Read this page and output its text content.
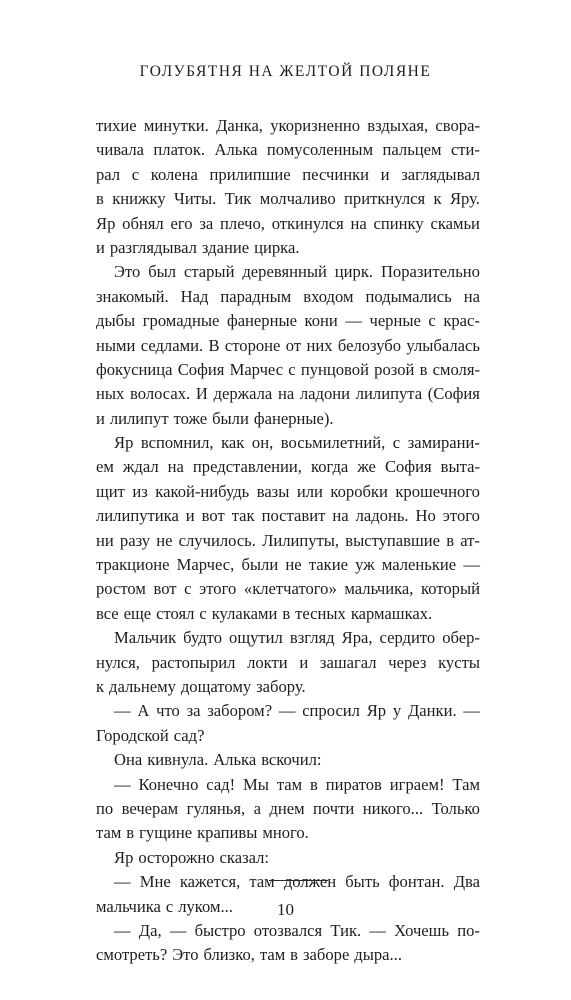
ГОЛУБЯТНЯ НА ЖЕЛТОЙ ПОЛЯНЕ
тихие минутки. Данка, укоризненно вздыхая, свора-
чивала платок. Алька помусоленным пальцем сти-
рал с колена прилипшие песчинки и заглядывал
в книжку Читы. Тик молчаливо приткнулся к Яру.
Яр обнял его за плечо, откинулся на спинку скамьи
и разглядывал здание цирка.
Это был старый деревянный цирк. Поразительно
знакомый. Над парадным входом подымались на
дыбы громадные фанерные кони — черные с крас-
ными седлами. В стороне от них белозубо улыбалась
фокусница София Марчес с пунцовой розой в смоля-
ных волосах. И держала на ладони лилипута (София
и лилипут тоже были фанерные).
Яр вспомнил, как он, восьмилетний, с замирани-
ем ждал на представлении, когда же София выта-
щит из какой-нибудь вазы или коробки крошечного
лилипутика и вот так поставит на ладонь. Но этого
ни разу не случилось. Лилипуты, выступавшие в ат-
тракционе Марчес, были не такие уж маленькие —
ростом вот с этого «клетчатого» мальчика, который
все еще стоял с кулаками в тесных кармашках.
Мальчик будто ощутил взгляд Яра, сердито обер-
нулся, растопырил локти и зашагал через кусты
к дальнему дощатому забору.
— А что за забором? — спросил Яр у Данки. —
Городской сад?
Она кивнула. Алька вскочил:
— Конечно сад! Мы там в пиратов играем! Там
по вечерам гулянья, а днем почти никого... Только
там в гущине крапивы много.
Яр осторожно сказал:
— Мне кажется, там должен быть фонтан. Два
мальчика с луком...
— Да, — быстро отозвался Тик. — Хочешь по-
смотреть? Это близко, там в заборе дыра...
10
